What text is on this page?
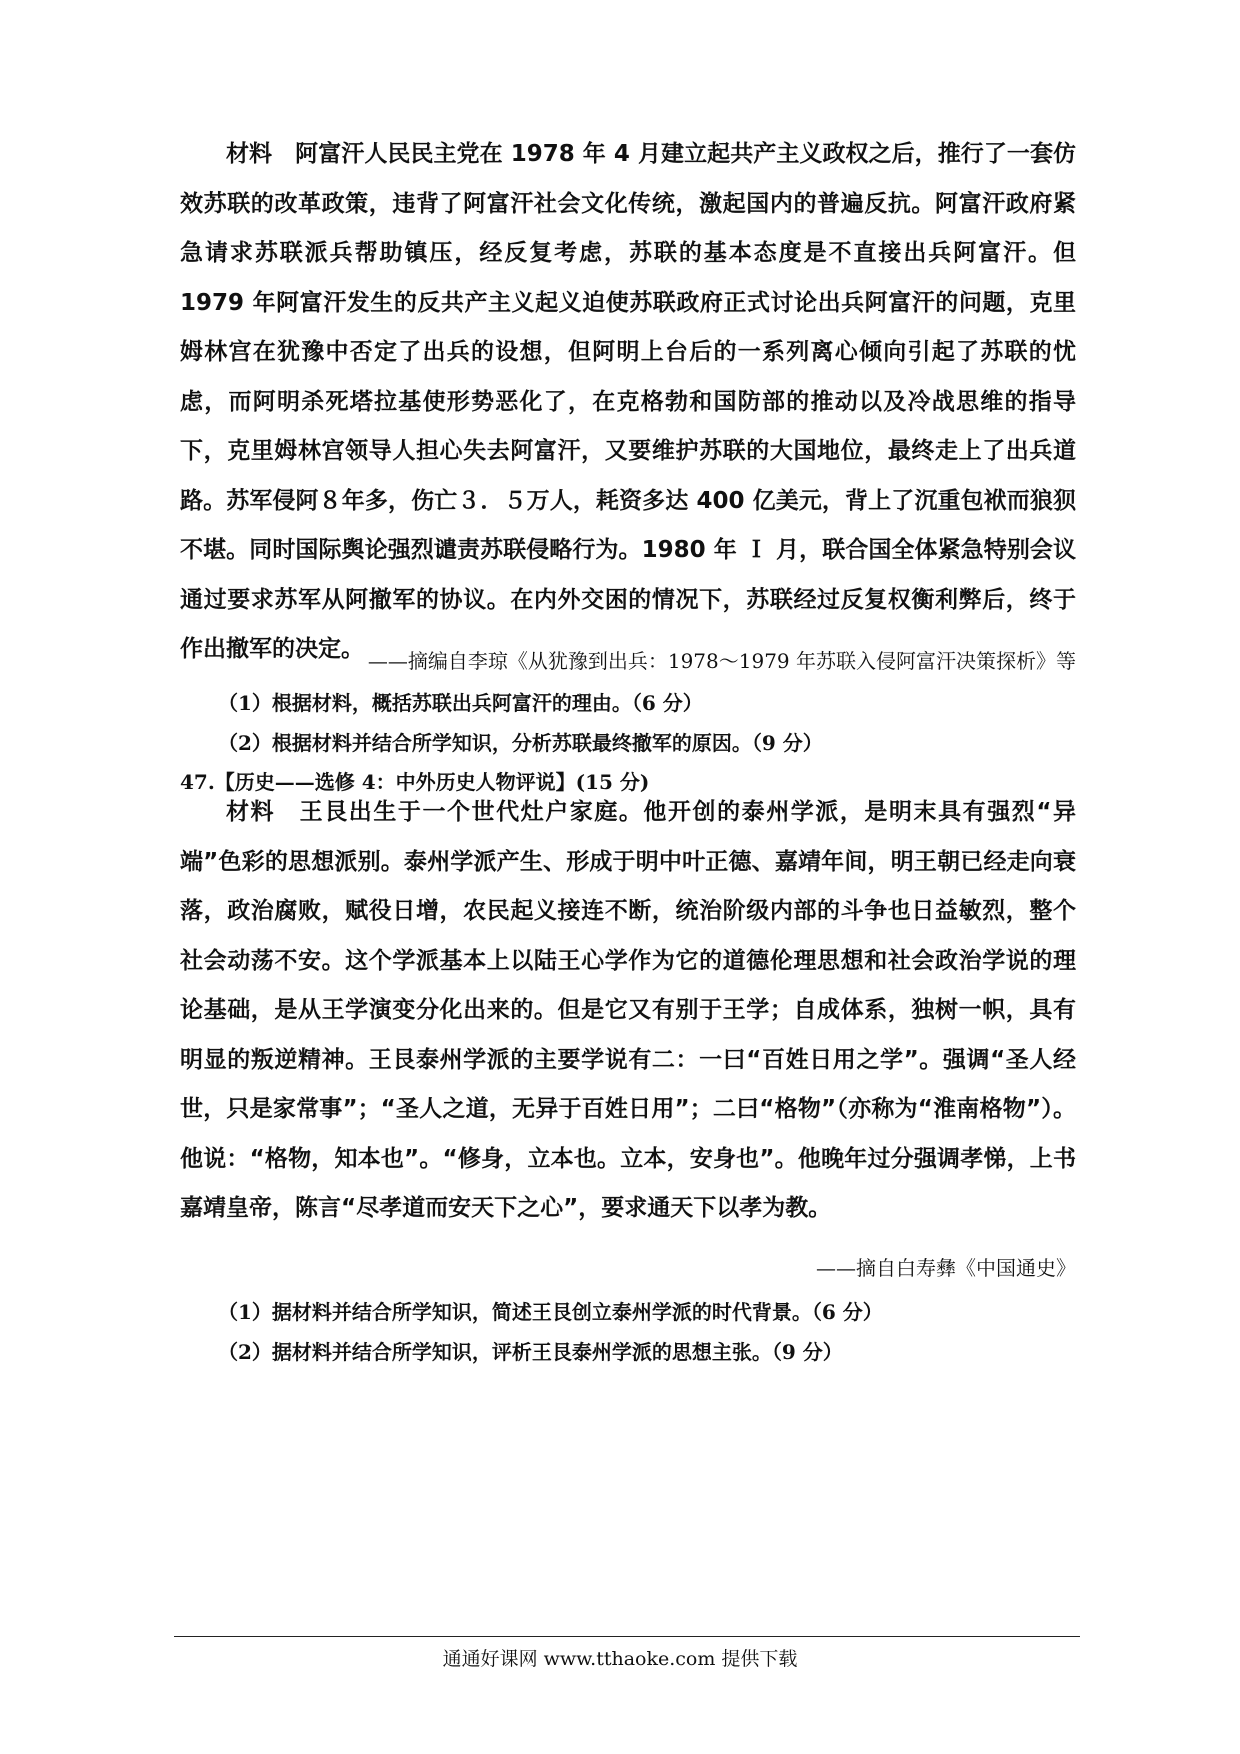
材料　阿富汗人民民主党在 1978 年 4 月建立起共产主义政权之后，推行了一套仿效苏联的改革政策，违背了阿富汗社会文化传统，激起国内的普遍反抗。阿富汗政府紧急请求苏联派兵帮助镇压，经反复考虑，苏联的基本态度是不直接出兵阿富汗。但 1979 年阿富汗发生的反共产主义起义迫使苏联政府正式讨论出兵阿富汗的问题，克里姆林宫在犹豫中否定了出兵的设想，但阿明上台后的一系列离心倾向引起了苏联的忧虑，而阿明杀死塔拉基使形势恶化了，在克格勃和国防部的推动以及冷战思维的指导下，克里姆林宫领导人担心失去阿富汗，又要维护苏联的大国地位，最终走上了出兵道路。苏军侵阿８年多，伤亡３．５万人，耗资多达 400 亿美元，背上了沉重包袱而狼狈不堪。同时国际舆论强烈谴责苏联侵略行为。1980 年 Ｉ 月，联合国全体紧急特别会议通过要求苏军从阿撤军的协议。在内外交困的情况下，苏联经过反复权衡利弊后，终于作出撤军的决定。 ——摘编自李琼《从犹豫到出兵：1978～1979 年苏联入侵阿富汗决策探析》等

（1）根据材料，概括苏联出兵阿富汗的理由。（6 分）

（2）根据材料并结合所学知识，分析苏联最终撤军的原因。（9 分）

47.【历史——选修 4：中外历史人物评说】(15 分)

材料　王艮出生于一个世代灶户家庭。他开创的泰州学派，是明末具有强烈“异端”色彩的思想派别。泰州学派产生、形成于明中叶正德、嘉靖年间，明王朝已经走向衰落，政治腐败，赋役日增，农民起义接连不断，统治阶级内部的斗争也日益敏烈，整个社会动荡不安。这个学派基本上以陆王心学作为它的道德伦理思想和社会政治学说的理论基础，是从王学演变分化出来的。但是它又有别于王学；自成体系，独树一帜，具有明显的叛逆精神。王艮泰州学派的主要学说有二：一曰“百姓日用之学”。强调“圣人经世，只是家常事”；“圣人之道，无异于百姓日用”；二曰“格物”（亦称为“淮南格物”）。他说：“格物，知本也”。“修身，立本也。立本，安身也”。他晚年过分强调孝悌，上书嘉靖皇帝，陈言“尽孝道而安天下之心”，要求通天下以孝为教。

——摘自白寿彝《中国通史》

（1）据材料并结合所学知识，简述王艮创立泰州学派的时代背景。（6 分）

（2）据材料并结合所学知识，评析王艮泰州学派的思想主张。（9 分）

通通好课网 www.tthaoke.com 提供下载
